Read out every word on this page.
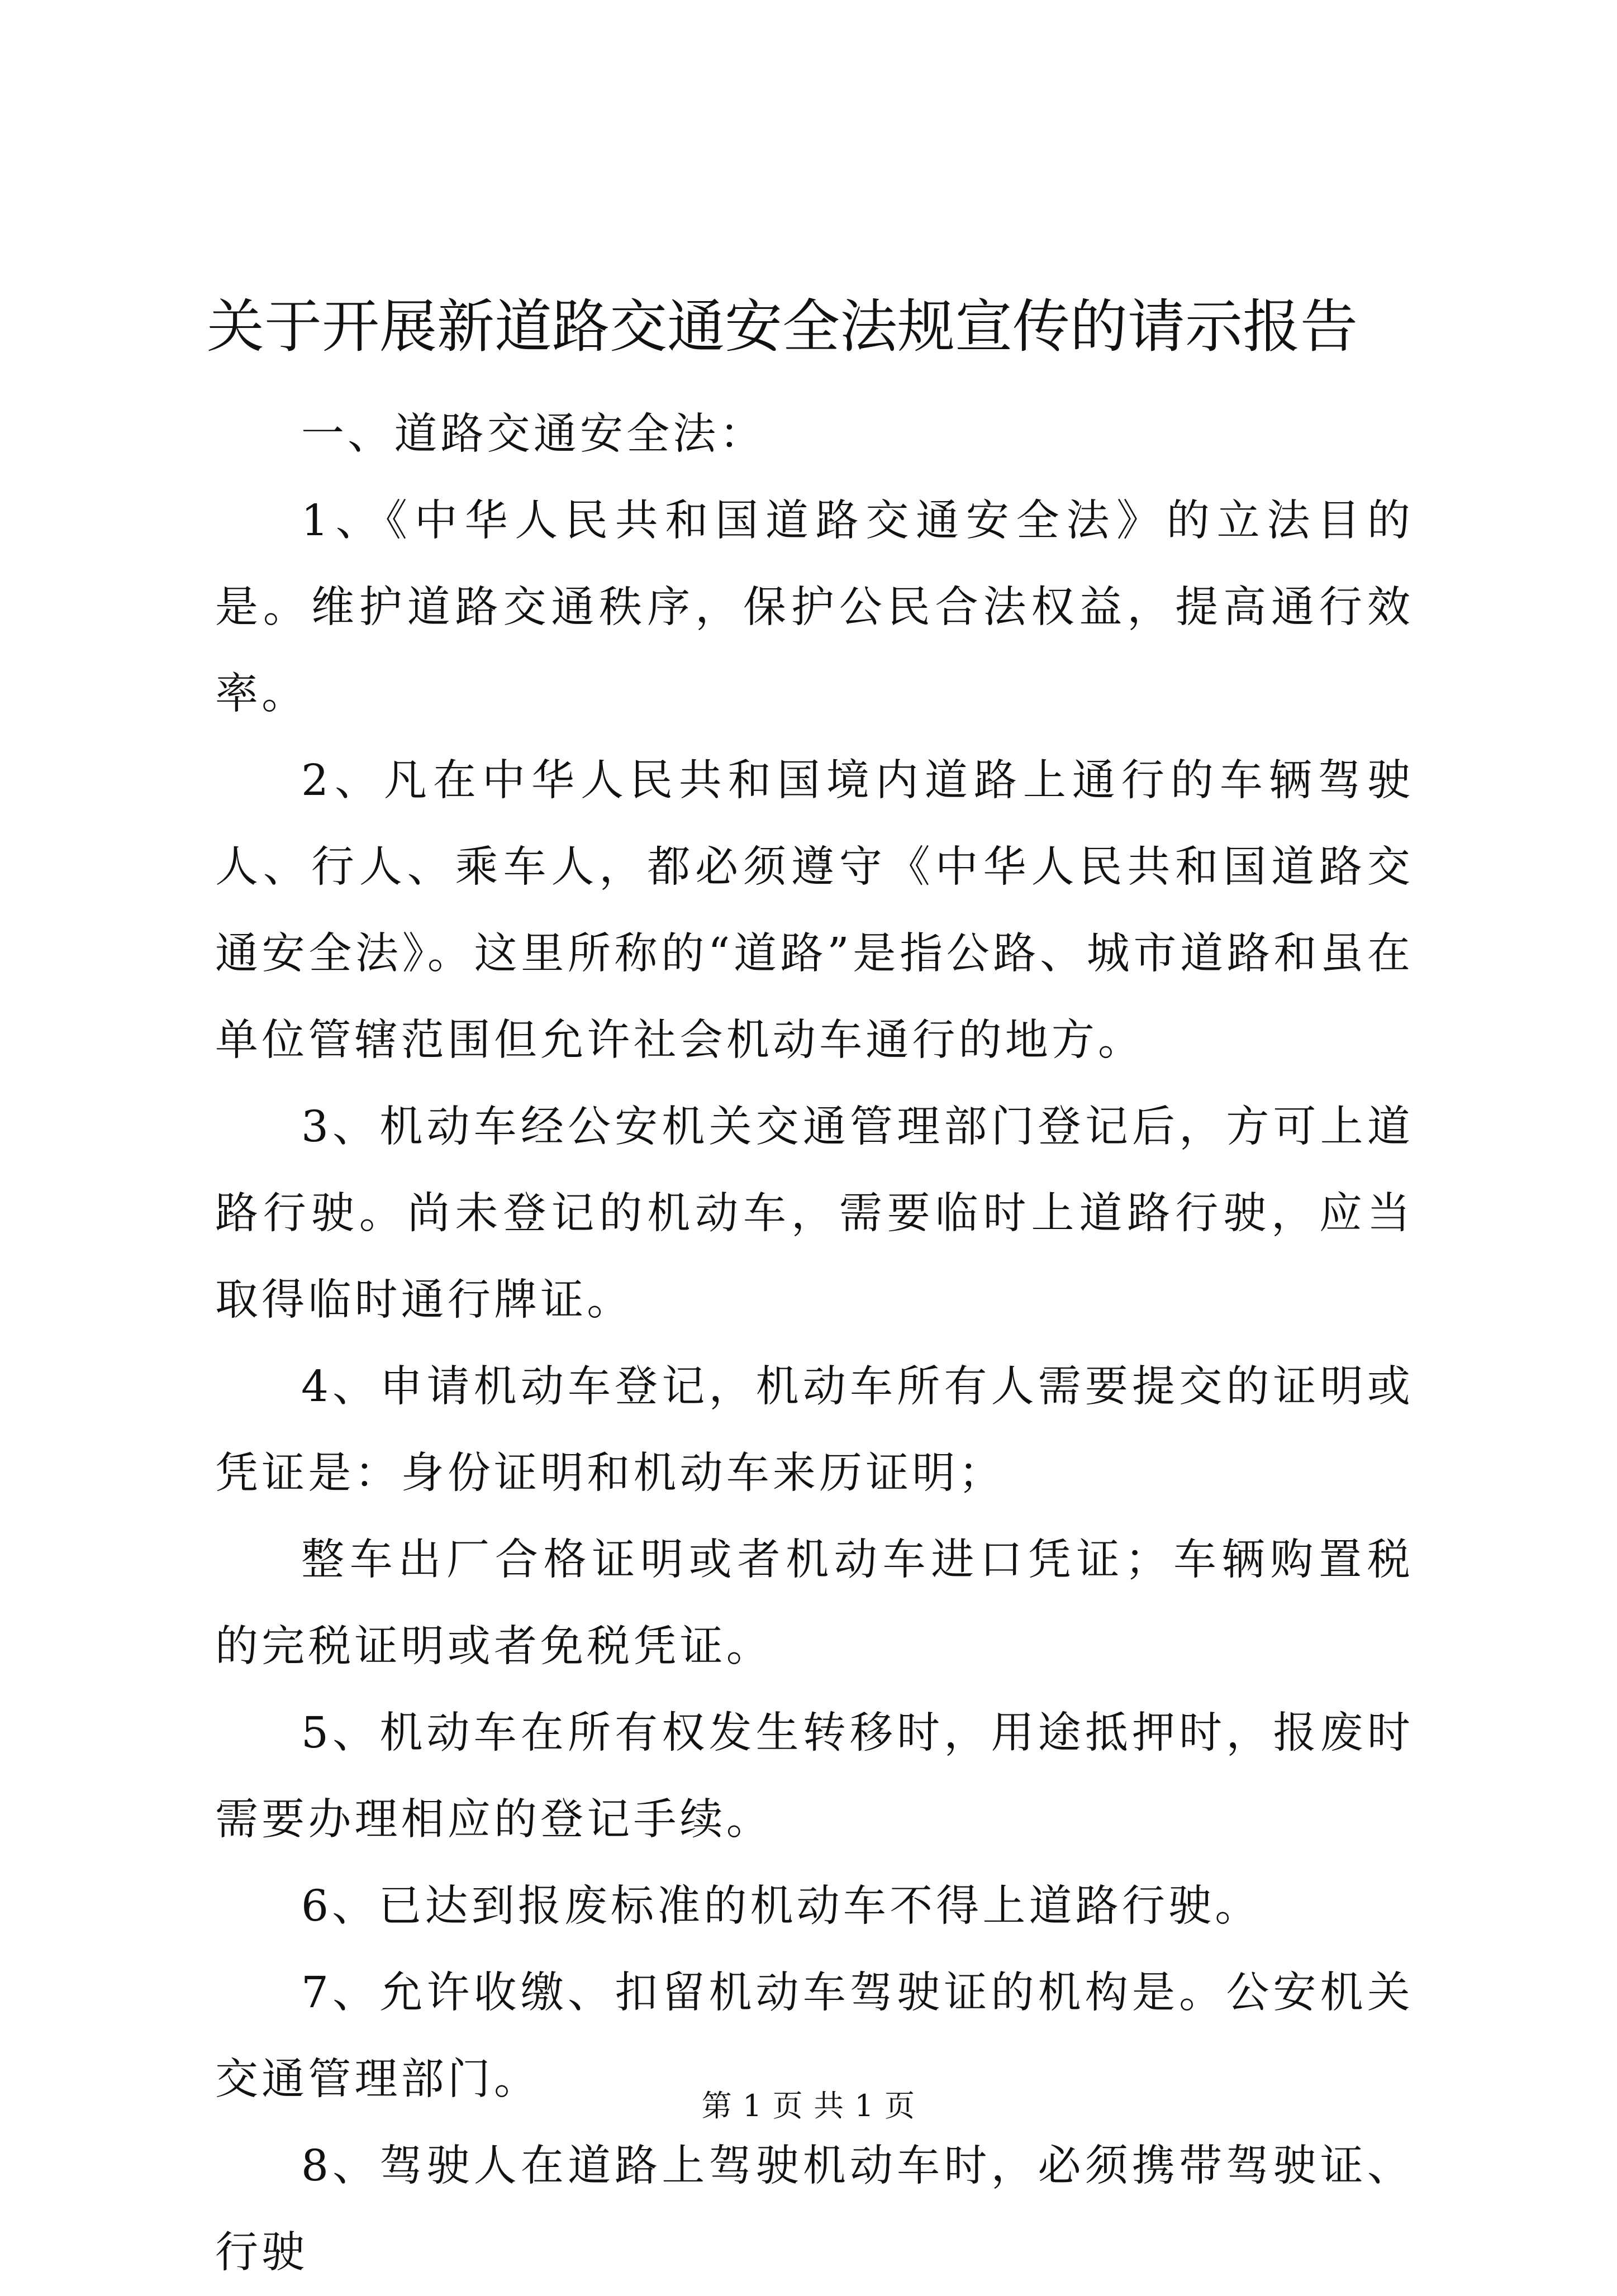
关于开展新道路交通安全法规宣传的请示报告

一、道路交通安全法：

1、《中华人民共和国道路交通安全法》的立法目的是。维护道路交通秩序，保护公民合法权益，提高通行效率。

2、凡在中华人民共和国境内道路上通行的车辆驾驶人、行人、乘车人，都必须遵守《中华人民共和国道路交通安全法》。这里所称的“道路”是指公路、城市道路和虽在单位管辖范围但允许社会机动车通行的地方。

3、机动车经公安机关交通管理部门登记后，方可上道路行驶。尚未登记的机动车，需要临时上道路行驶，应当取得临时通行牌证。

4、申请机动车登记，机动车所有人需要提交的证明或凭证是：身份证明和机动车来历证明；

整车出厂合格证明或者机动车进口凭证；车辆购置税的完税证明或者免税凭证。

5、机动车在所有权发生转移时，用途抵押时，报废时需要办理相应的登记手续。

6、已达到报废标准的机动车不得上道路行驶。

7、允许收缴、扣留机动车驾驶证的机构是。公安机关交通管理部门。

8、驾驶人在道路上驾驶机动车时，必须携带驾驶证、行驶

第 1 页 共 1 页
